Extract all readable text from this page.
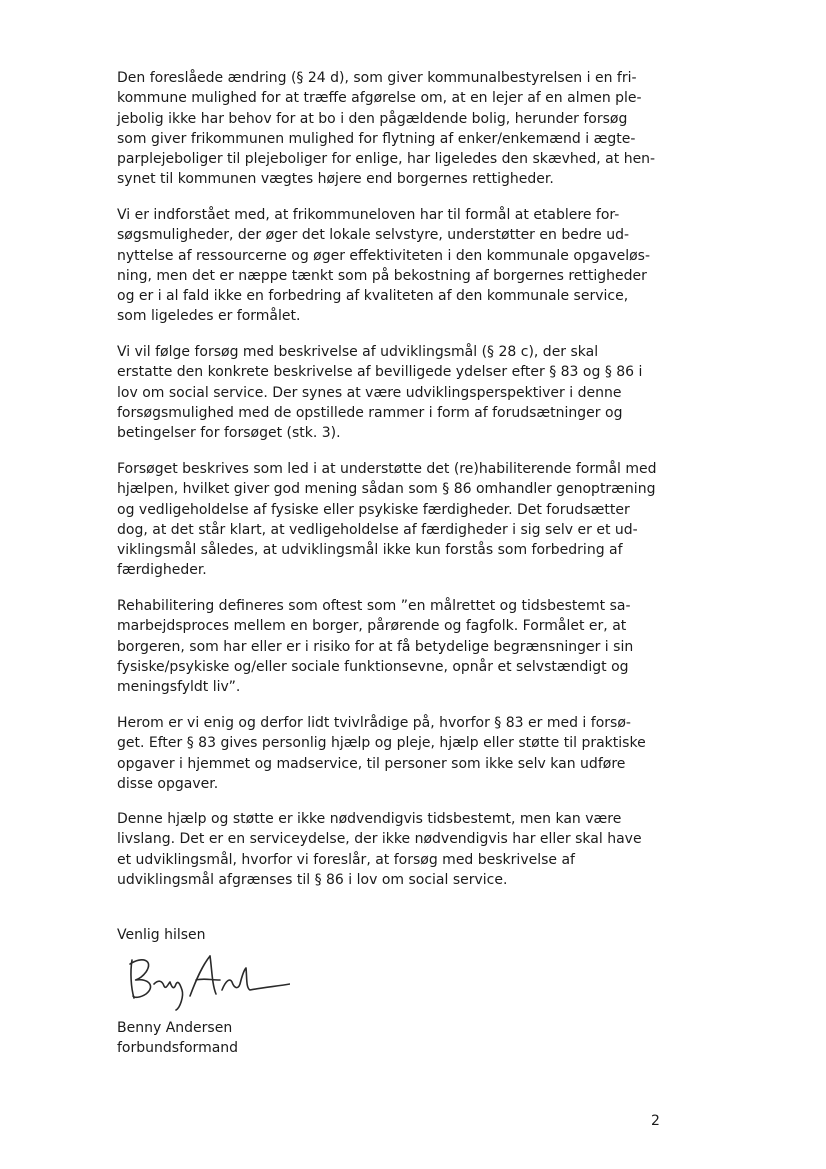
Den foreslåede ændring (§ 24 d), som giver kommunalbestyrelsen i en fri-
kommune mulighed for at træffe afgørelse om, at en lejer af en almen ple-
jebolig ikke har behov for at bo i den pågældende bolig, herunder forsøg
som giver frikommunen mulighed for flytning af enker/enkemænd i ægte-
parplejeboliger til plejeboliger for enlige, har ligeledes den skævhed, at hen-
synet til kommunen vægtes højere end borgernes rettigheder.

Vi er indforstået med, at frikommuneloven har til formål at etablere for-
søgsmuligheder, der øger det lokale selvstyre, understøtter en bedre ud-
nyttelse af ressourcerne og øger effektiviteten i den kommunale opgaveløs-
ning, men det er næppe tænkt som på bekostning af borgernes rettigheder
og er i al fald ikke en forbedring af kvaliteten af den kommunale service,
som ligeledes er formålet.

Vi vil følge forsøg med beskrivelse af udviklingsmål (§ 28 c), der skal
erstatte den konkrete beskrivelse af bevilligede ydelser efter § 83 og § 86 i
lov om social service. Der synes at være udviklingsperspektiver i denne
forsøgsmulighed med de opstillede rammer i form af forudsætninger og
betingelser for forsøget (stk. 3).

Forsøget beskrives som led i at understøtte det (re)habiliterende formål med
hjælpen, hvilket giver god mening sådan som § 86 omhandler genoptræning
og vedligeholdelse af fysiske eller psykiske færdigheder. Det forudsætter
dog, at det står klart, at vedligeholdelse af færdigheder i sig selv er et ud-
viklingsmål således, at udviklingsmål ikke kun forstås som forbedring af
færdigheder.

Rehabilitering defineres som oftest som ”en målrettet og tidsbestemt sa-
marbejdsproces mellem en borger, pårørende og fagfolk. Formålet er, at
borgeren, som har eller er i risiko for at få betydelige begrænsninger i sin
fysiske/psykiske og/eller sociale funktionsevne, opnår et selvstændigt og
meningsfyldt liv”.

Herom er vi enig og derfor lidt tvivlrådige på, hvorfor § 83 er med i forsø-
get. Efter § 83 gives personlig hjælp og pleje, hjælp eller støtte til praktiske
opgaver i hjemmet og madservice, til personer som ikke selv kan udføre
disse opgaver.

Denne hjælp og støtte er ikke nødvendigvis tidsbestemt, men kan være
livslang. Det er en serviceydelse, der ikke nødvendigvis har eller skal have
et udviklingsmål, hvorfor vi foreslår, at forsøg med beskrivelse af
udviklingsmål afgrænses til § 86 i lov om social service.

Venlig hilsen

Benny Andersen

forbundsformand

2
